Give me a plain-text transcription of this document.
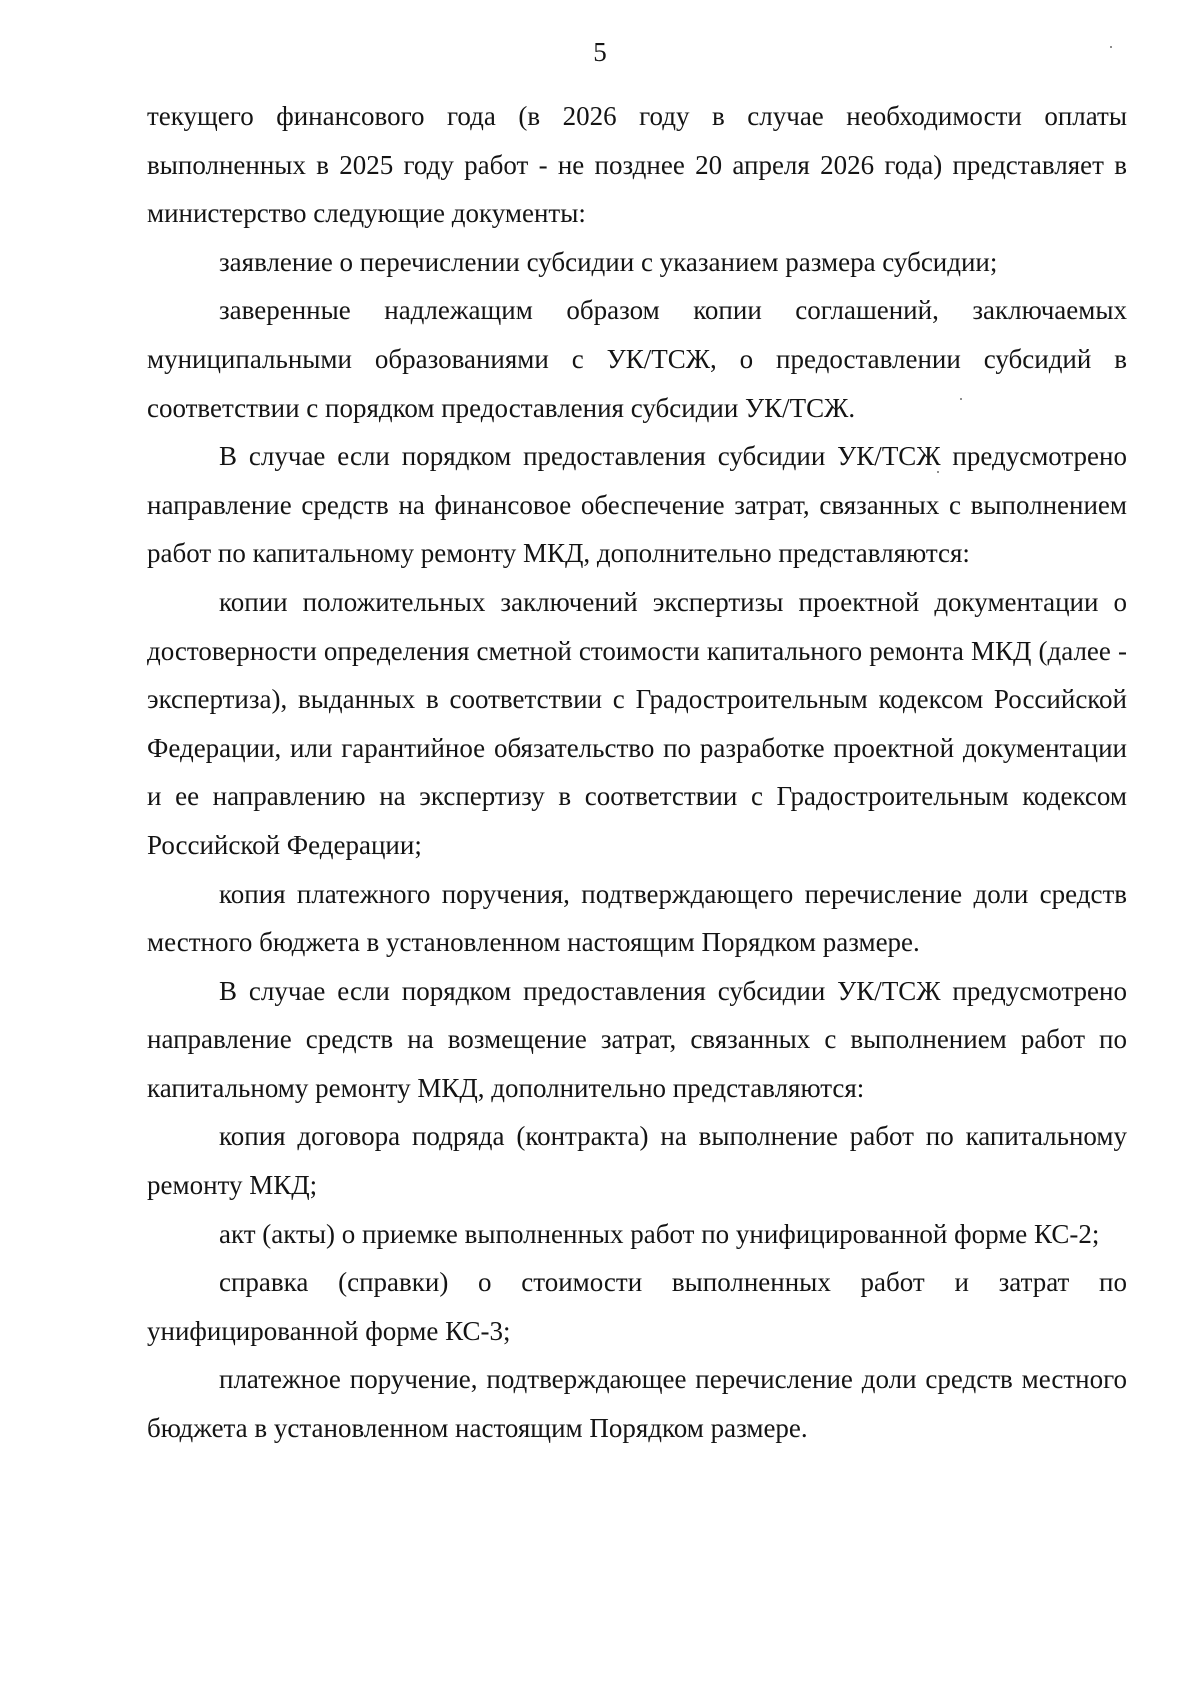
5

текущего финансового года (в 2026 году в случае необходимости оплаты выполненных в 2025 году работ - не позднее 20 апреля 2026 года) представляет в министерство следующие документы:

заявление о перечислении субсидии с указанием размера субсидии;

заверенные надлежащим образом копии соглашений, заключаемых муниципальными образованиями с УК/ТСЖ, о предоставлении субсидий в соответствии с порядком предоставления субсидии УК/ТСЖ.

В случае если порядком предоставления субсидии УК/ТСЖ предусмотрено направление средств на финансовое обеспечение затрат, связанных с выполнением работ по капитальному ремонту МКД, дополнительно представляются:

копии положительных заключений экспертизы проектной документации о достоверности определения сметной стоимости капитального ремонта МКД (далее - экспертиза), выданных в соответствии с Градостроительным кодексом Российской Федерации, или гарантийное обязательство по разработке проектной документации и ее направлению на экспертизу в соответствии с Градостроительным кодексом Российской Федерации;

копия платежного поручения, подтверждающего перечисление доли средств местного бюджета в установленном настоящим Порядком размере.

В случае если порядком предоставления субсидии УК/ТСЖ предусмотрено направление средств на возмещение затрат, связанных с выполнением работ по капитальному ремонту МКД, дополнительно представляются:

копия договора подряда (контракта) на выполнение работ по капитальному ремонту МКД;

акт (акты) о приемке выполненных работ по унифицированной форме КС-2;

справка (справки) о стоимости выполненных работ и затрат по унифицированной форме КС-3;

платежное поручение, подтверждающее перечисление доли средств местного бюджета в установленном настоящим Порядком размере.
